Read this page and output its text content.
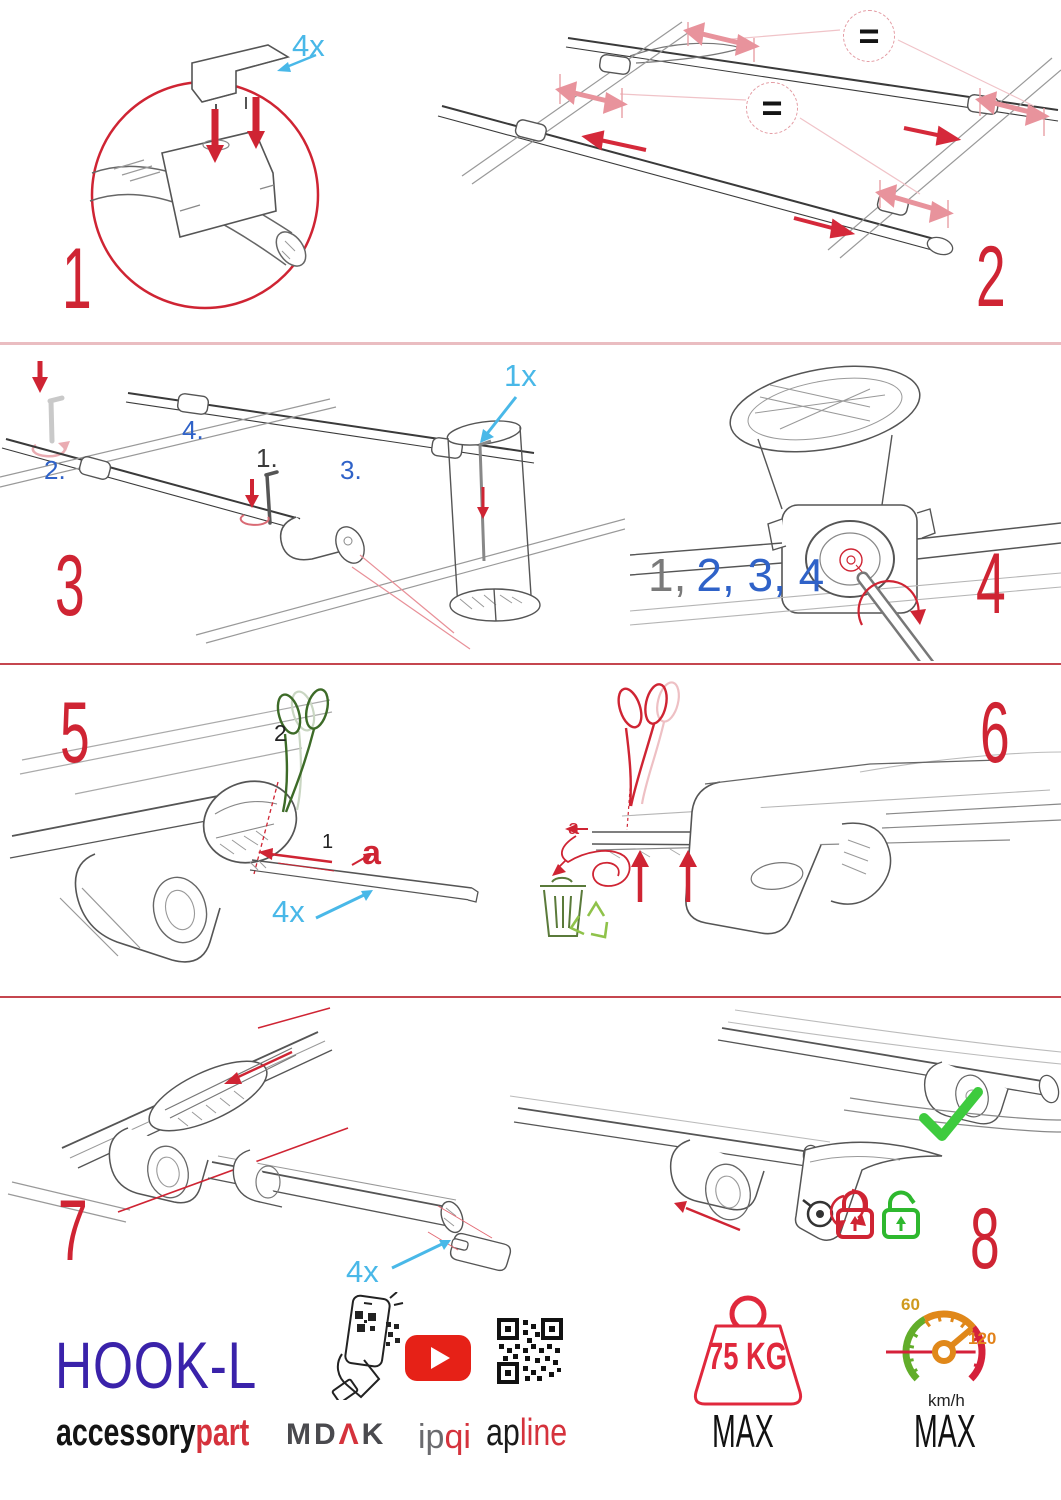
4x
1
=
=
2
1x
2.
4.
1. 3.
3	1, 2, 3, 4 4
5	2
1 a
4x
a
6
4x
7	8
HOOK-L
accessorypart	MDΛK ipqi apline
75 KG
MAX
60
120
km/h
MAX
